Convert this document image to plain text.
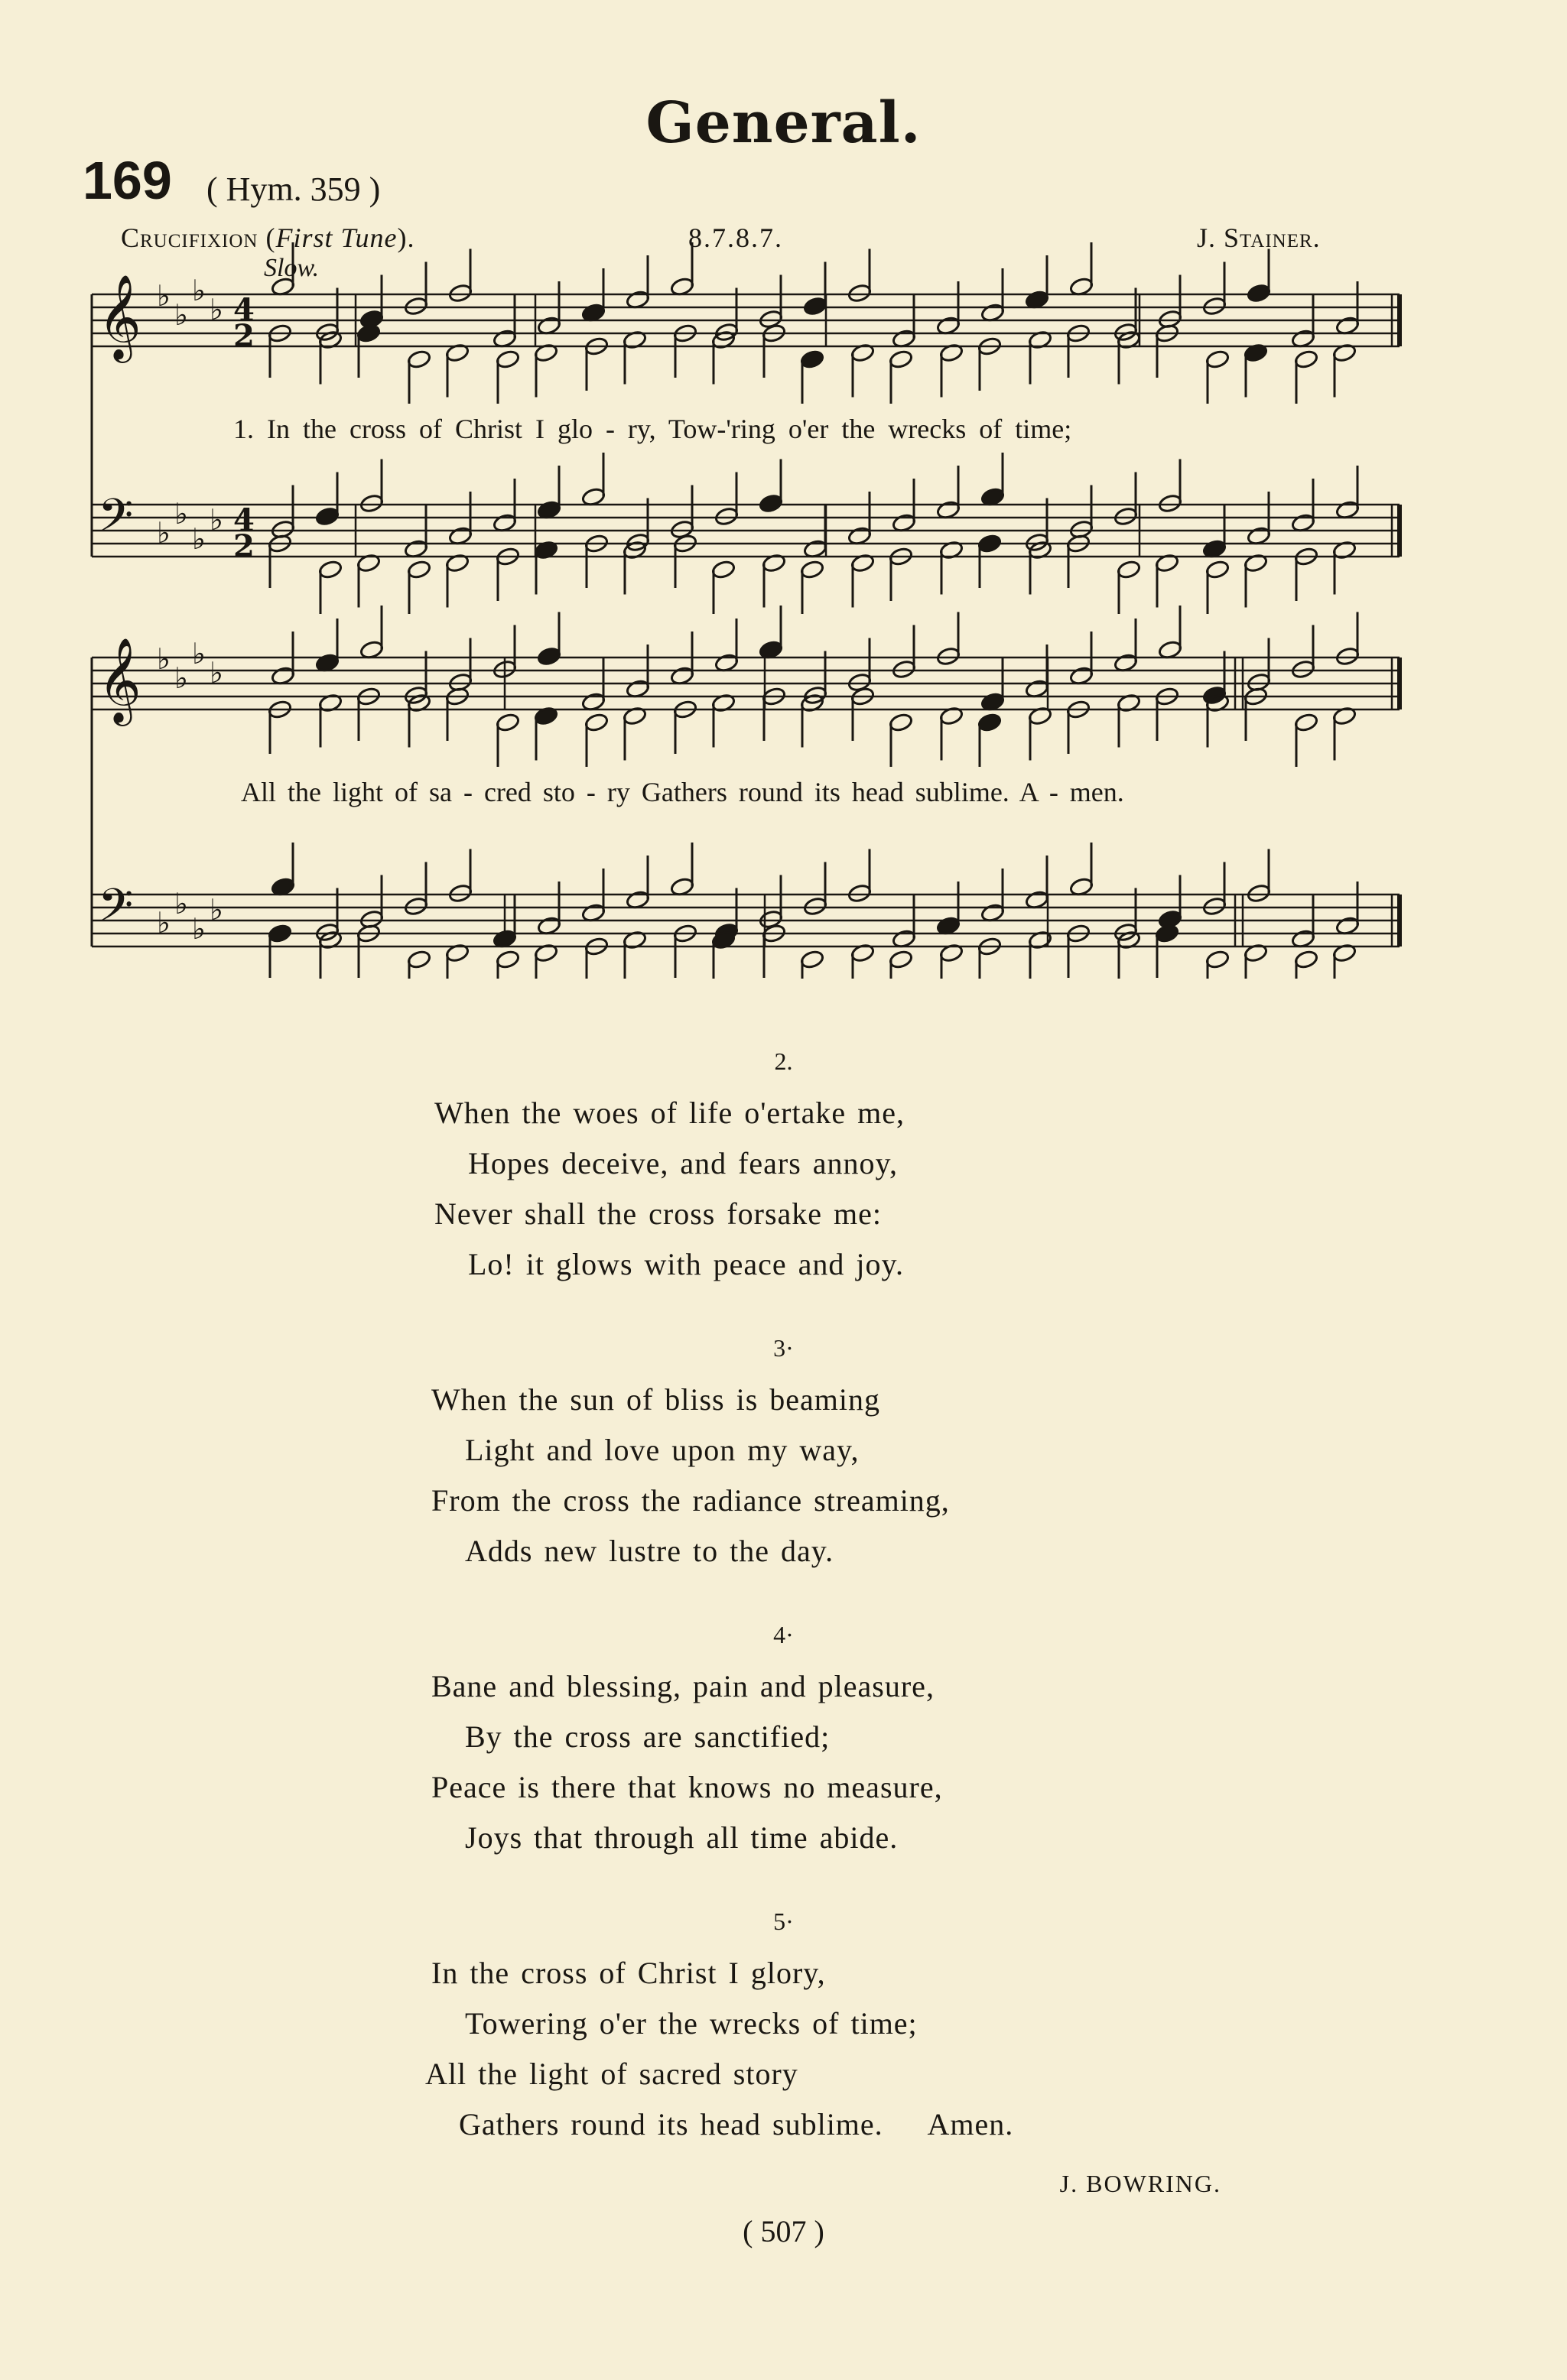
General.
169 ( Hym. 359 )
Crucifixion (First Tune).	8.7.8.7.	J. Stainer.
Slow.
𝄞 ♭
♭
♭
♭ 4
2
𝄢 ♭
♭
♭
♭ 4
2
𝄞 ♭
♭
♭
♭
𝄢 ♭
♭
♭
♭
1. In the cross of Christ I glo - ry, Tow-'ring o'er the wrecks of time;
All the light of sa - cred sto - ry Gathers round its head sublime. A - men.
2.
When the woes of life o'ertake me,
Hopes deceive, and fears annoy,
Never shall the cross forsake me:
Lo! it glows with peace and joy.
3·
When the sun of bliss is beaming
Light and love upon my way,
From the cross the radiance streaming,
Adds new lustre to the day.
4·
Bane and blessing, pain and pleasure,
By the cross are sanctified;
Peace is there that knows no measure,
Joys that through all time abide.
5·
In the cross of Christ I glory,
Towering o'er the wrecks of time;
All the light of sacred story
Gathers round its head sublime.    Amen.
J. BOWRING.
( 507 )
